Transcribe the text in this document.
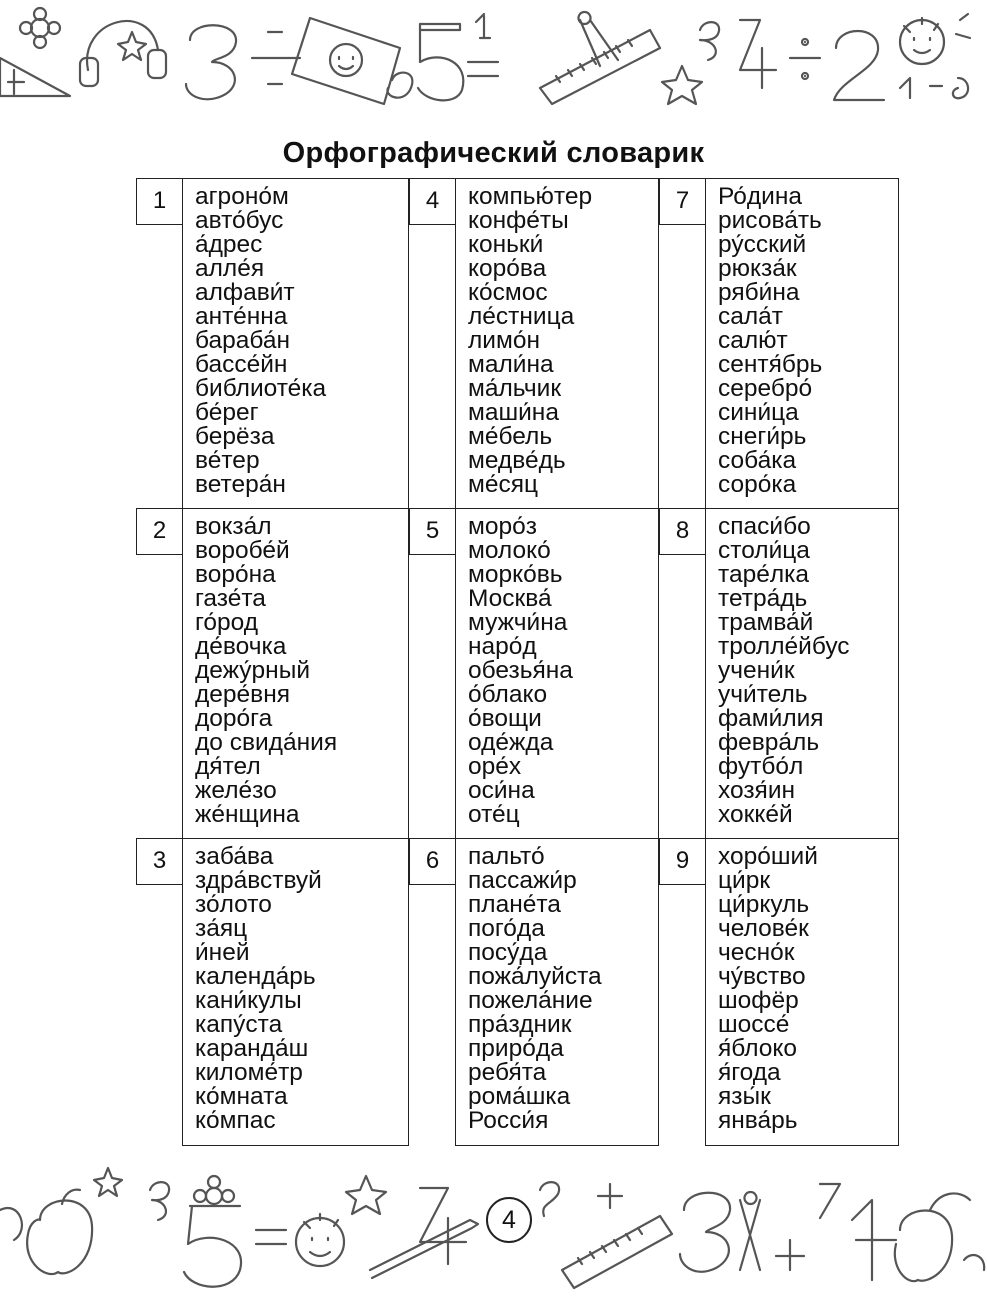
Орфографический словарик
агроно́м
авто́бус
а́дрес
алле́я
алфави́т
анте́нна
бараба́н
бассе́йн
библиоте́ка
бе́рег
берёза
ве́тер
ветера́н
вокза́л
воробе́й
воро́на
газе́та
го́род
де́вочка
дежу́рный
дере́вня
доро́га
до свида́ния
дя́тел
желе́зо
же́нщина
заба́ва
здра́вствуй
зо́лото
за́яц
и́ней
календа́рь
кани́кулы
капу́ста
каранда́ш
киломе́тр
ко́мната
ко́мпас
компью́тер
конфе́ты
коньки́
коро́ва
ко́смос
ле́стница
лимо́н
мали́на
ма́льчик
маши́на
ме́бель
медве́дь
ме́сяц
моро́з
молоко́
морко́вь
Москва́
мужчи́на
наро́д
обезья́на
о́блако
о́вощи
оде́жда
оре́х
оси́на
оте́ц
пальто́
пассажи́р
плане́та
пого́да
посу́да
пожа́луйста
пожела́ние
пра́здник
приро́да
ребя́та
рома́шка
Росси́я
Ро́дина
рисова́ть
ру́сский
рюкза́к
ряби́на
сала́т
салю́т
сентя́брь
серебро́
сини́ца
снеги́рь
соба́ка
соро́ка
спаси́бо
столи́ца
таре́лка
тетра́дь
трамва́й
тролле́йбус
учени́к
учи́тель
фами́лия
февра́ль
футбо́л
хозя́ин
хокке́й
хоро́ший
ци́рк
ци́ркуль
челове́к
чесно́к
чу́вство
шофёр
шоссе́
я́блоко
я́года
язы́к
янва́рь
1
2
3
4
5
6
7
8
9
4
